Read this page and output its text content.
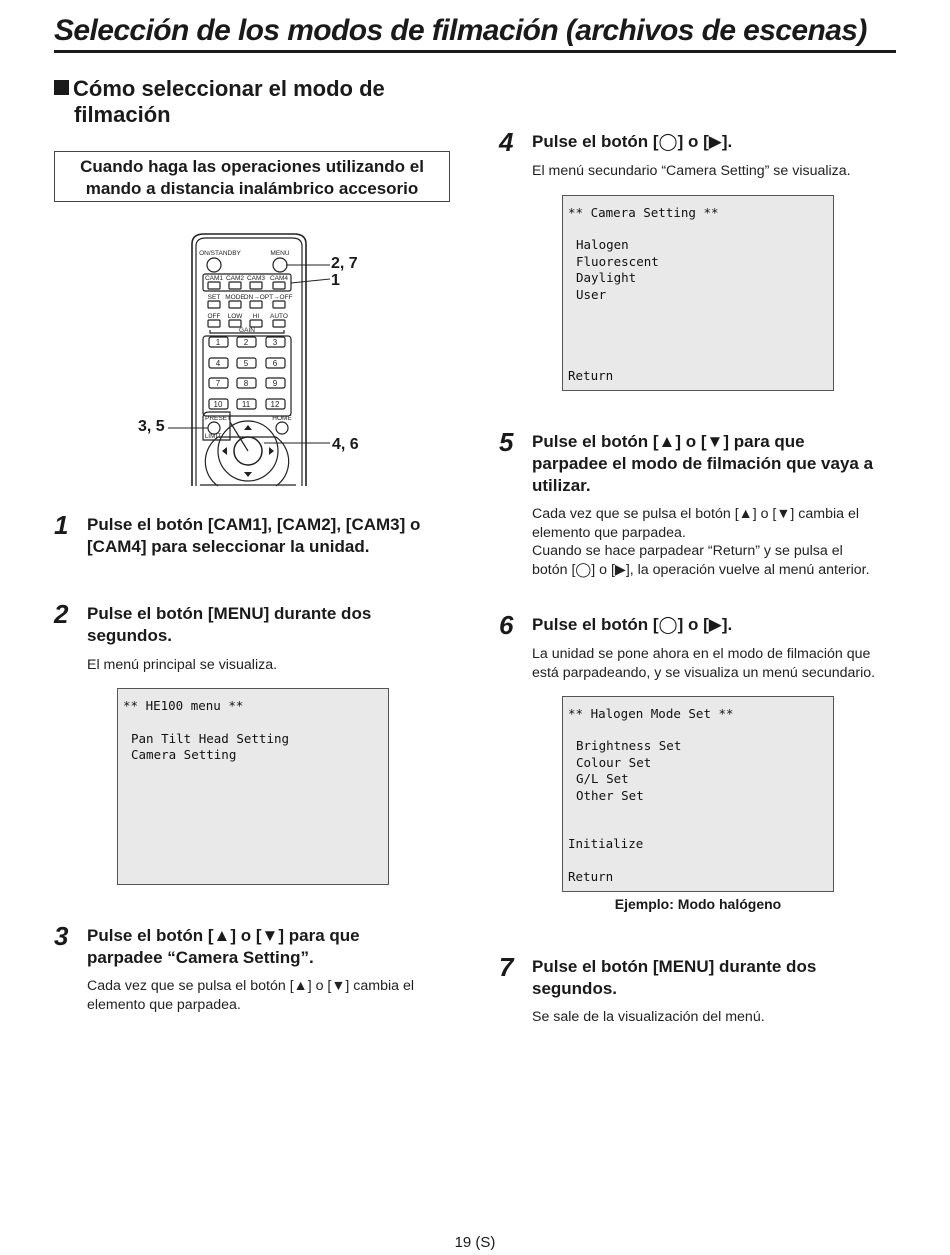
Selección de los modos de filmación (archivos de escenas)
Cómo seleccionar el modo de
filmación
Cuando haga las operaciones utilizando el
mando a distancia inalámbrico accesorio
ON/STANDBY	MENU
CAM1 CAM2 CAM3 CAM4
SET MODE
ON→OPT→OFF
OFF LOW HI AUTO
GAIN
PRESET
LIMIT
HOME
1	2	3
4	5	6
7	8	9
10 11	12
2, 7
1
3, 5
4, 6
1 Pulse el botón [CAM1], [CAM2], [CAM3] o
[CAM4] para seleccionar la unidad.
2 Pulse el botón [MENU] durante dos
segundos.
El menú principal se visualiza.
** HE100 menu **
Pan Tilt Head Setting
Camera Setting
3 Pulse el botón [▲] o [▼] para que
parpadee “Camera Setting”.
Cada vez que se pulsa el botón [▲] o [▼] cambia el
elemento que parpadea.
4 Pulse el botón [◯] o [▶].
El menú secundario “Camera Setting” se visualiza.
** Camera Setting **
Halogen
Fluorescent
Daylight
User
Return
5 Pulse el botón [▲] o [▼] para que
parpadee el modo de filmación que vaya a
utilizar.
Cada vez que se pulsa el botón [▲] o [▼] cambia el
elemento que parpadea.
Cuando se hace parpadear “Return” y se pulsa el
botón [◯] o [▶], la operación vuelve al menú anterior.
6 Pulse el botón [◯] o [▶].
La unidad se pone ahora en el modo de filmación que
está parpadeando, y se visualiza un menú secundario.
** Halogen Mode Set **
Brightness Set
Colour Set
G/L Set
Other Set
Initialize
Return
Ejemplo: Modo halógeno
7 Pulse el botón [MENU] durante dos
segundos.
Se sale de la visualización del menú.
19 (S)
